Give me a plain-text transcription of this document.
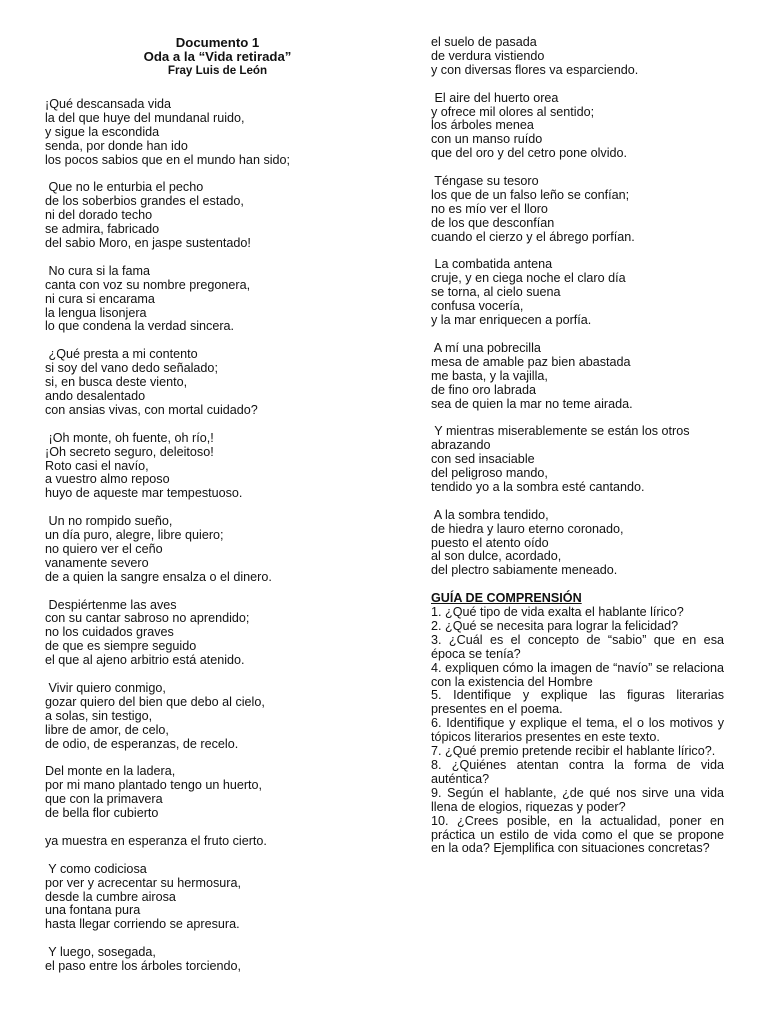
Documento 1
Oda a la “Vida retirada”
Fray Luis de León
¡Qué descansada vida
la del que huye del mundanal ruido,
y sigue la escondida
senda, por donde han ido
los pocos sabios que en el mundo han sido;
Que no le enturbia el pecho
de los soberbios grandes el estado,
ni del dorado techo
se admira, fabricado
del sabio Moro, en jaspe sustentado!
No cura si la fama
canta con voz su nombre pregonera,
ni cura si encarama
la lengua lisonjera
lo que condena la verdad sincera.
¿Qué presta a mi contento
si soy del vano dedo señalado;
si, en busca deste viento,
ando desalentado
con ansias vivas, con mortal cuidado?
¡Oh monte, oh fuente, oh río,!
¡Oh secreto seguro, deleitoso!
Roto casi el navío,
a vuestro almo reposo
huyo de aqueste mar tempestuoso.
Un no rompido sueño,
un día puro, alegre, libre quiero;
no quiero ver el ceño
vanamente severo
de a quien la sangre ensalza o el dinero.
Despiértenme las aves
con su cantar sabroso no aprendido;
no los cuidados graves
de que es siempre seguido
el que al ajeno arbitrio está atenido.
Vivir quiero conmigo,
gozar quiero del bien que debo al cielo,
a solas, sin testigo,
libre de amor, de celo,
de odio, de esperanzas, de recelo.
Del monte en la ladera,
por mi mano plantado tengo un huerto,
que con la primavera
de bella flor cubierto
ya muestra en esperanza el fruto cierto.
Y como codiciosa
por ver y acrecentar su hermosura,
desde la cumbre airosa
una fontana pura
hasta llegar corriendo se apresura.
Y luego, sosegada,
el paso entre los árboles torciendo,
el suelo de pasada
de verdura vistiendo
y con diversas flores va esparciendo.
El aire del huerto orea
y ofrece mil olores al sentido;
los árboles menea
con un manso ruído
que del oro y del cetro pone olvido.
Téngase su tesoro
los que de un falso leño se confían;
no es mío ver el lloro
de los que desconfían
cuando el cierzo y el ábrego porfían.
La combatida antena
cruje, y en ciega noche el claro día
se torna, al cielo suena
confusa vocería,
y la mar enriquecen a porfía.
A mí una pobrecilla
mesa de amable paz bien abastada
me basta, y la vajilla,
de fino oro labrada
sea de quien la mar no teme airada.
Y mientras miserablemente se están los otros
abrazando
con sed insaciable
del peligroso mando,
tendido yo a la sombra esté cantando.
A la sombra tendido,
de hiedra y lauro eterno coronado,
puesto el atento oído
al son dulce, acordado,
del plectro sabiamente meneado.
GUÍA DE COMPRENSIÓN
1. ¿Qué tipo de vida exalta el hablante lírico?
2. ¿Qué se necesita para lograr la felicidad?
3. ¿Cuál es el concepto de “sabio” que en esa época se tenía?
4. expliquen cómo la imagen de “navío” se relaciona con la existencia del Hombre
5. Identifique y explique las figuras literarias presentes en el poema.
6. Identifique y explique el tema, el o los motivos y tópicos literarios presentes en este texto.
7. ¿Qué premio pretende recibir el hablante lírico?.
8. ¿Quiénes atentan contra la forma de vida auténtica?
9. Según el hablante, ¿de qué nos sirve una vida llena de elogios, riquezas y poder?
10. ¿Crees posible, en la actualidad, poner en práctica un estilo de vida como el que se propone en la oda? Ejemplifica con situaciones concretas?
